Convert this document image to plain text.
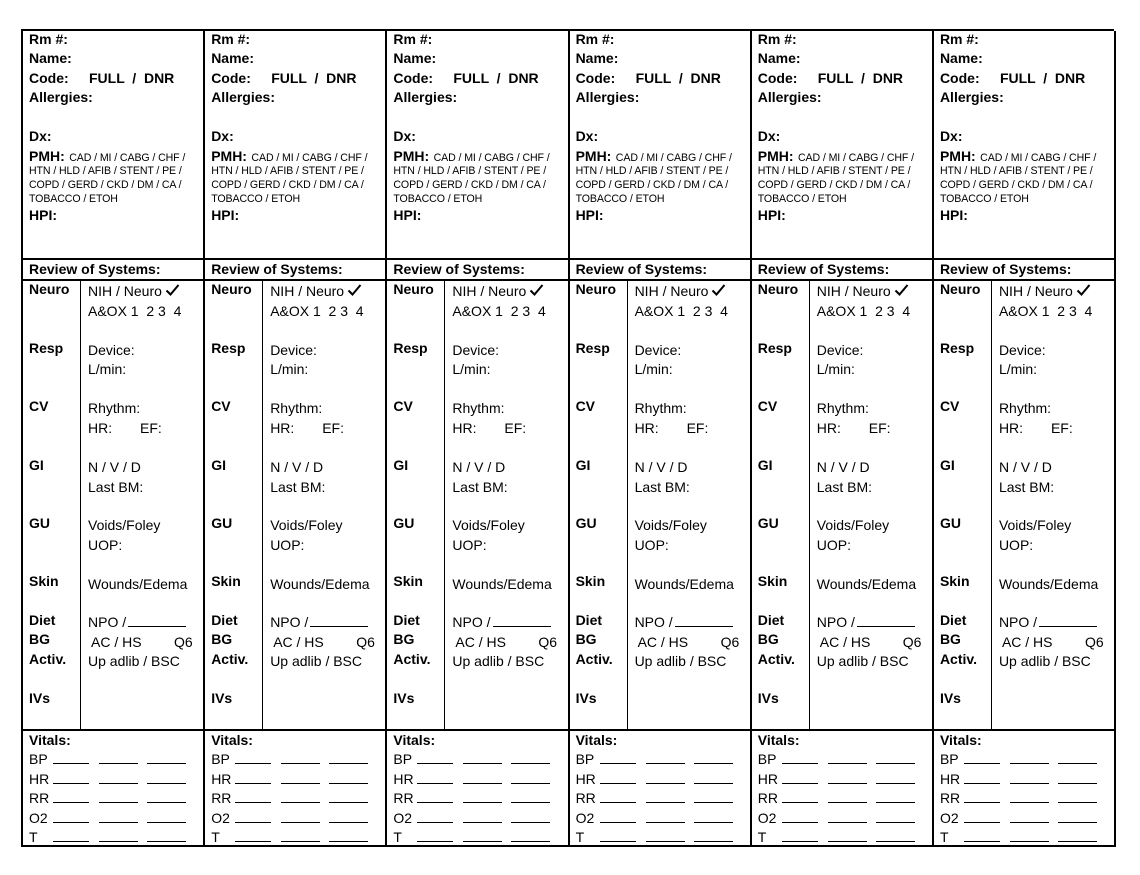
Rm #:
Name:
Code: FULL  /  DNR
Allergies:
Dx:
PMH: CAD / MI / CABG / CHF /
HTN / HLD / AFIB / STENT / PE /
COPD / GERD / CKD / DM / CA /
TOBACCO / ETOH
HPI:
Review of Systems:
Neuro
Resp
CV
GI
GU
Skin
Diet
BG
Activ.
IVs
NIH / Neuro
A&OX 1  2 3  4
Device:
L/min:
Rhythm:
HR: EF:
N / V / D
Last BM:
Voids/Foley
UOP:
Wounds/Edema
NPO /
AC / HS Q6
Up adlib / BSC
Vitals:
BP
HR
RR
O2
T
Rm #:
Name:
Code: FULL  /  DNR
Allergies:
Dx:
PMH: CAD / MI / CABG / CHF /
HTN / HLD / AFIB / STENT / PE /
COPD / GERD / CKD / DM / CA /
TOBACCO / ETOH
HPI:
Review of Systems:
Neuro
Resp
CV
GI
GU
Skin
Diet
BG
Activ.
IVs
NIH / Neuro
A&OX 1  2 3  4
Device:
L/min:
Rhythm:
HR: EF:
N / V / D
Last BM:
Voids/Foley
UOP:
Wounds/Edema
NPO /
AC / HS Q6
Up adlib / BSC
Vitals:
BP
HR
RR
O2
T
Rm #:
Name:
Code: FULL  /  DNR
Allergies:
Dx:
PMH: CAD / MI / CABG / CHF /
HTN / HLD / AFIB / STENT / PE /
COPD / GERD / CKD / DM / CA /
TOBACCO / ETOH
HPI:
Review of Systems:
Neuro
Resp
CV
GI
GU
Skin
Diet
BG
Activ.
IVs
NIH / Neuro
A&OX 1  2 3  4
Device:
L/min:
Rhythm:
HR: EF:
N / V / D
Last BM:
Voids/Foley
UOP:
Wounds/Edema
NPO /
AC / HS Q6
Up adlib / BSC
Vitals:
BP
HR
RR
O2
T
Rm #:
Name:
Code: FULL  /  DNR
Allergies:
Dx:
PMH: CAD / MI / CABG / CHF /
HTN / HLD / AFIB / STENT / PE /
COPD / GERD / CKD / DM / CA /
TOBACCO / ETOH
HPI:
Review of Systems:
Neuro
Resp
CV
GI
GU
Skin
Diet
BG
Activ.
IVs
NIH / Neuro
A&OX 1  2 3  4
Device:
L/min:
Rhythm:
HR: EF:
N / V / D
Last BM:
Voids/Foley
UOP:
Wounds/Edema
NPO /
AC / HS Q6
Up adlib / BSC
Vitals:
BP
HR
RR
O2
T
Rm #:
Name:
Code: FULL  /  DNR
Allergies:
Dx:
PMH: CAD / MI / CABG / CHF /
HTN / HLD / AFIB / STENT / PE /
COPD / GERD / CKD / DM / CA /
TOBACCO / ETOH
HPI:
Review of Systems:
Neuro
Resp
CV
GI
GU
Skin
Diet
BG
Activ.
IVs
NIH / Neuro
A&OX 1  2 3  4
Device:
L/min:
Rhythm:
HR: EF:
N / V / D
Last BM:
Voids/Foley
UOP:
Wounds/Edema
NPO /
AC / HS Q6
Up adlib / BSC
Vitals:
BP
HR
RR
O2
T
Rm #:
Name:
Code: FULL  /  DNR
Allergies:
Dx:
PMH: CAD / MI / CABG / CHF /
HTN / HLD / AFIB / STENT / PE /
COPD / GERD / CKD / DM / CA /
TOBACCO / ETOH
HPI:
Review of Systems:
Neuro
Resp
CV
GI
GU
Skin
Diet
BG
Activ.
IVs
NIH / Neuro
A&OX 1  2 3  4
Device:
L/min:
Rhythm:
HR: EF:
N / V / D
Last BM:
Voids/Foley
UOP:
Wounds/Edema
NPO /
AC / HS Q6
Up adlib / BSC
Vitals:
BP
HR
RR
O2
T
